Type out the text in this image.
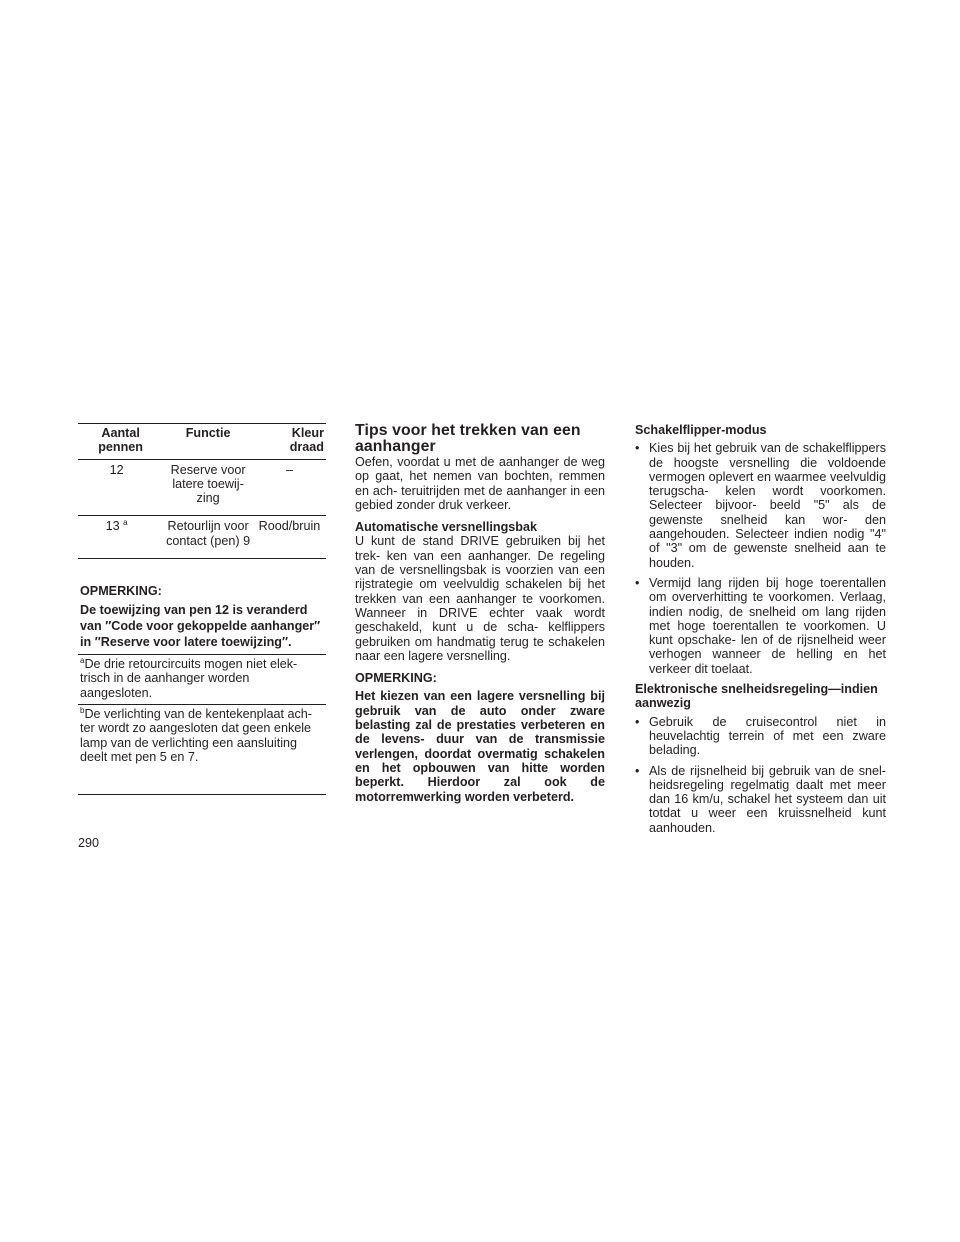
Aantal pennen	Functie	Kleur draad
12	Reserve voor latere toewij- zing	–
13 $^a$	Retourlijn voor contact (pen) 9	Rood/bruin

OPMERKING:
De toewijzing van pen 12 is veranderd van ″Code voor gekoppelde aanhanger″ in ″Reserve voor latere toewijzing″.		

$^a$De drie retourcircuits mogen niet elek- trisch in de aanhanger worden aangesloten.		
$^b$De verlichting van de kentekenplaat ach- ter wordt zo aangesloten dat geen enkele lamp van de verlichting een aansluiting deelt met pen 5 en 7.		
Tips voor het trekken van een aanhanger

Oefen, voordat u met de aanhanger de weg op gaat, het nemen van bochten, remmen en ach- teruitrijden met de aanhanger in een gebied zonder druk verkeer.

Automatische versnellingsbak

U kunt de stand DRIVE gebruiken bij het trek- ken van een aanhanger. De regeling van de versnellingsbak is voorzien van een rijstrategie om veelvuldig schakelen bij het trekken van een aanhanger te voorkomen. Wanneer in DRIVE echter vaak wordt geschakeld, kunt u de scha- kelflippers gebruiken om handmatig terug te schakelen naar een lagere versnelling.

OPMERKING:

Het kiezen van een lagere versnelling bij gebruik van de auto onder zware belasting zal de prestaties verbeteren en de levens- duur van de transmissie verlengen, doordat overmatig schakelen en het opbouwen van hitte worden beperkt. Hierdoor zal ook de motorremwerking worden verbeterd.

Schakelflipper-modus
• Kies bij het gebruik van de schakelflippers de hoogste versnelling die voldoende vermogen oplevert en waarmee veelvuldig terugscha- kelen wordt voorkomen. Selecteer bijvoor- beeld "5" als de gewenste snelheid kan wor- den aangehouden. Selecteer indien nodig "4" of "3" om de gewenste snelheid aan te houden.
• Vermijd lang rijden bij hoge toerentallen om oververhitting te voorkomen. Verlaag, indien nodig, de snelheid om lang rijden met hoge toerentallen te voorkomen. U kunt opschake- len of de rijsnelheid weer verhogen wanneer de helling en het verkeer dit toelaat.
Elektronische snelheidsregeling—indien aanwezig
• Gebruik de cruisecontrol niet in heuvelachtig terrein of met een zware belading.
• Als de rijsnelheid bij gebruik van de snel- heidsregeling regelmatig daalt met meer dan 16 km/u, schakel het systeem dan uit totdat u weer een kruissnelheid kunt aanhouden.
290
